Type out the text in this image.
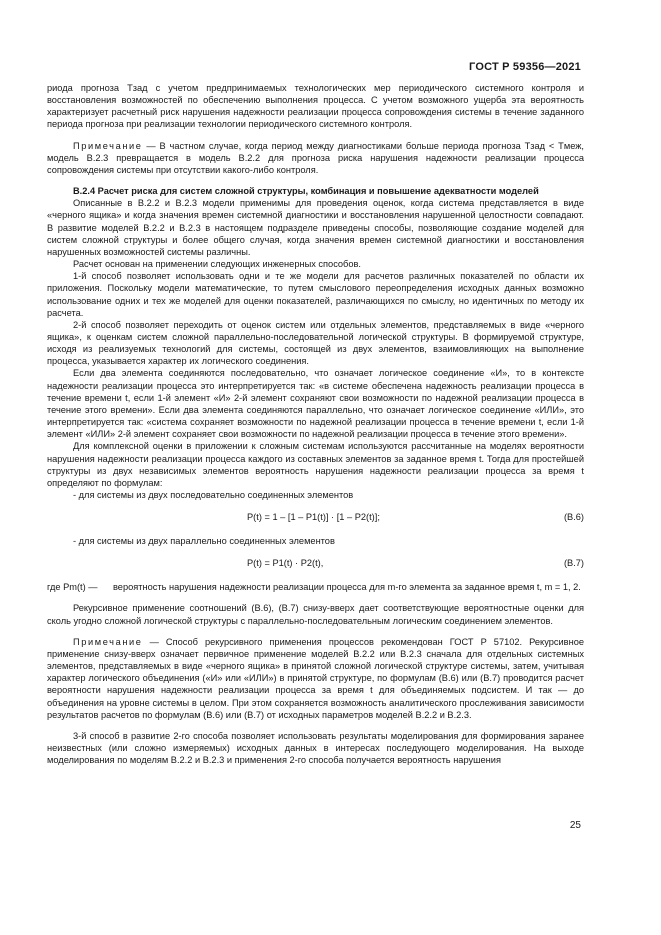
ГОСТ Р 59356—2021

риода прогноза Tзад с учетом предпринимаемых технологических мер периодического системного контроля и восстановления возможностей по обеспечению выполнения процесса. С учетом возможного ущерба эта вероятность характеризует расчетный риск нарушения надежности реализации процесса сопровождения системы в течение заданного периода прогноза при реализации технологии периодического системного контроля.

Примечание — В частном случае, когда период между диагностиками больше периода прогноза Tзад < Tмеж, модель В.2.3 превращается в модель В.2.2 для прогноза риска нарушения надежности реализации процесса сопровождения системы при отсутствии какого-либо контроля.

В.2.4 Расчет риска для систем сложной структуры, комбинация и повышение адекватности моделей

Описанные в В.2.2 и В.2.3 модели применимы для проведения оценок, когда система представляется в виде «черного ящика» и когда значения времен системной диагностики и восстановления нарушенной целостности совпадают. В развитие моделей В.2.2 и В.2.3 в настоящем подразделе приведены способы, позволяющие создание моделей для систем сложной структуры и более общего случая, когда значения времен системной диагностики и восстановления нарушенных возможностей системы различны.

Расчет основан на применении следующих инженерных способов.

1-й способ позволяет использовать одни и те же модели для расчетов различных показателей по области их приложения. Поскольку модели математические, то путем смыслового переопределения исходных данных возможно использование одних и тех же моделей для оценки показателей, различающихся по смыслу, но идентичных по методу их расчета.

2-й способ позволяет переходить от оценок систем или отдельных элементов, представляемых в виде «черного ящика», к оценкам систем сложной параллельно-последовательной логической структуры. В формируемой структуре, исходя из реализуемых технологий для системы, состоящей из двух элементов, взаимовлияющих на выполнение процесса, указывается характер их логического соединения.

Если два элемента соединяются последовательно, что означает логическое соединение «И», то в контексте надежности реализации процесса это интерпретируется так: «в системе обеспечена надежность реализации процесса в течение времени t, если 1-й элемент «И» 2-й элемент сохраняют свои возможности по надежной реализации процесса в течение этого времени». Если два элемента соединяются параллельно, что означает логическое соединение «ИЛИ», это интерпретируется так: «система сохраняет возможности по надежной реализации процесса в течение времени t, если 1-й элемент «ИЛИ» 2-й элемент сохраняет свои возможности по надежной реализации процесса в течение этого времени».

Для комплексной оценки в приложении к сложным системам используются рассчитанные на моделях вероятности нарушения надежности реализации процесса каждого из составных элементов за заданное время t. Тогда для простейшей структуры из двух независимых элементов вероятность нарушения надежности реализации процесса за время t определяют по формулам:

- для системы из двух последовательно соединенных элементов

P(t) = 1 – [1 – P1(t)] · [1 – P2(t)];	(В.6)

- для системы из двух параллельно соединенных элементов

P(t) = P1(t) · P2(t),	(В.7)
где Pm(t) —	вероятность нарушения надежности реализации процесса для m-го элемента за заданное время t, m = 1, 2.

Рекурсивное применение соотношений (В.6), (В.7) снизу-вверх дает соответствующие вероятностные оценки для сколь угодно сложной логической структуры с параллельно-последовательным логическим соединением элементов.

Примечание — Способ рекурсивного применения процессов рекомендован ГОСТ Р 57102. Рекурсивное применение снизу-вверх означает первичное применение моделей В.2.2 или В.2.3 сначала для отдельных системных элементов, представляемых в виде «черного ящика» в принятой сложной логической структуре системы, затем, учитывая характер логического объединения («И» или «ИЛИ») в принятой структуре, по формулам (В.6) или (В.7) проводится расчет вероятности нарушения надежности реализации процесса за время t для объединяемых подсистем. И так — до объединения на уровне системы в целом. При этом сохраняется возможность аналитического прослеживания зависимости результатов расчетов по формулам (В.6) или (В.7) от исходных параметров моделей В.2.2 и В.2.3.

3-й способ в развитие 2-го способа позволяет использовать результаты моделирования для формирования заранее неизвестных (или сложно измеряемых) исходных данных в интересах последующего моделирования. На выходе моделирования по моделям В.2.2 и В.2.3 и применения 2-го способа получается вероятность нарушения

25
